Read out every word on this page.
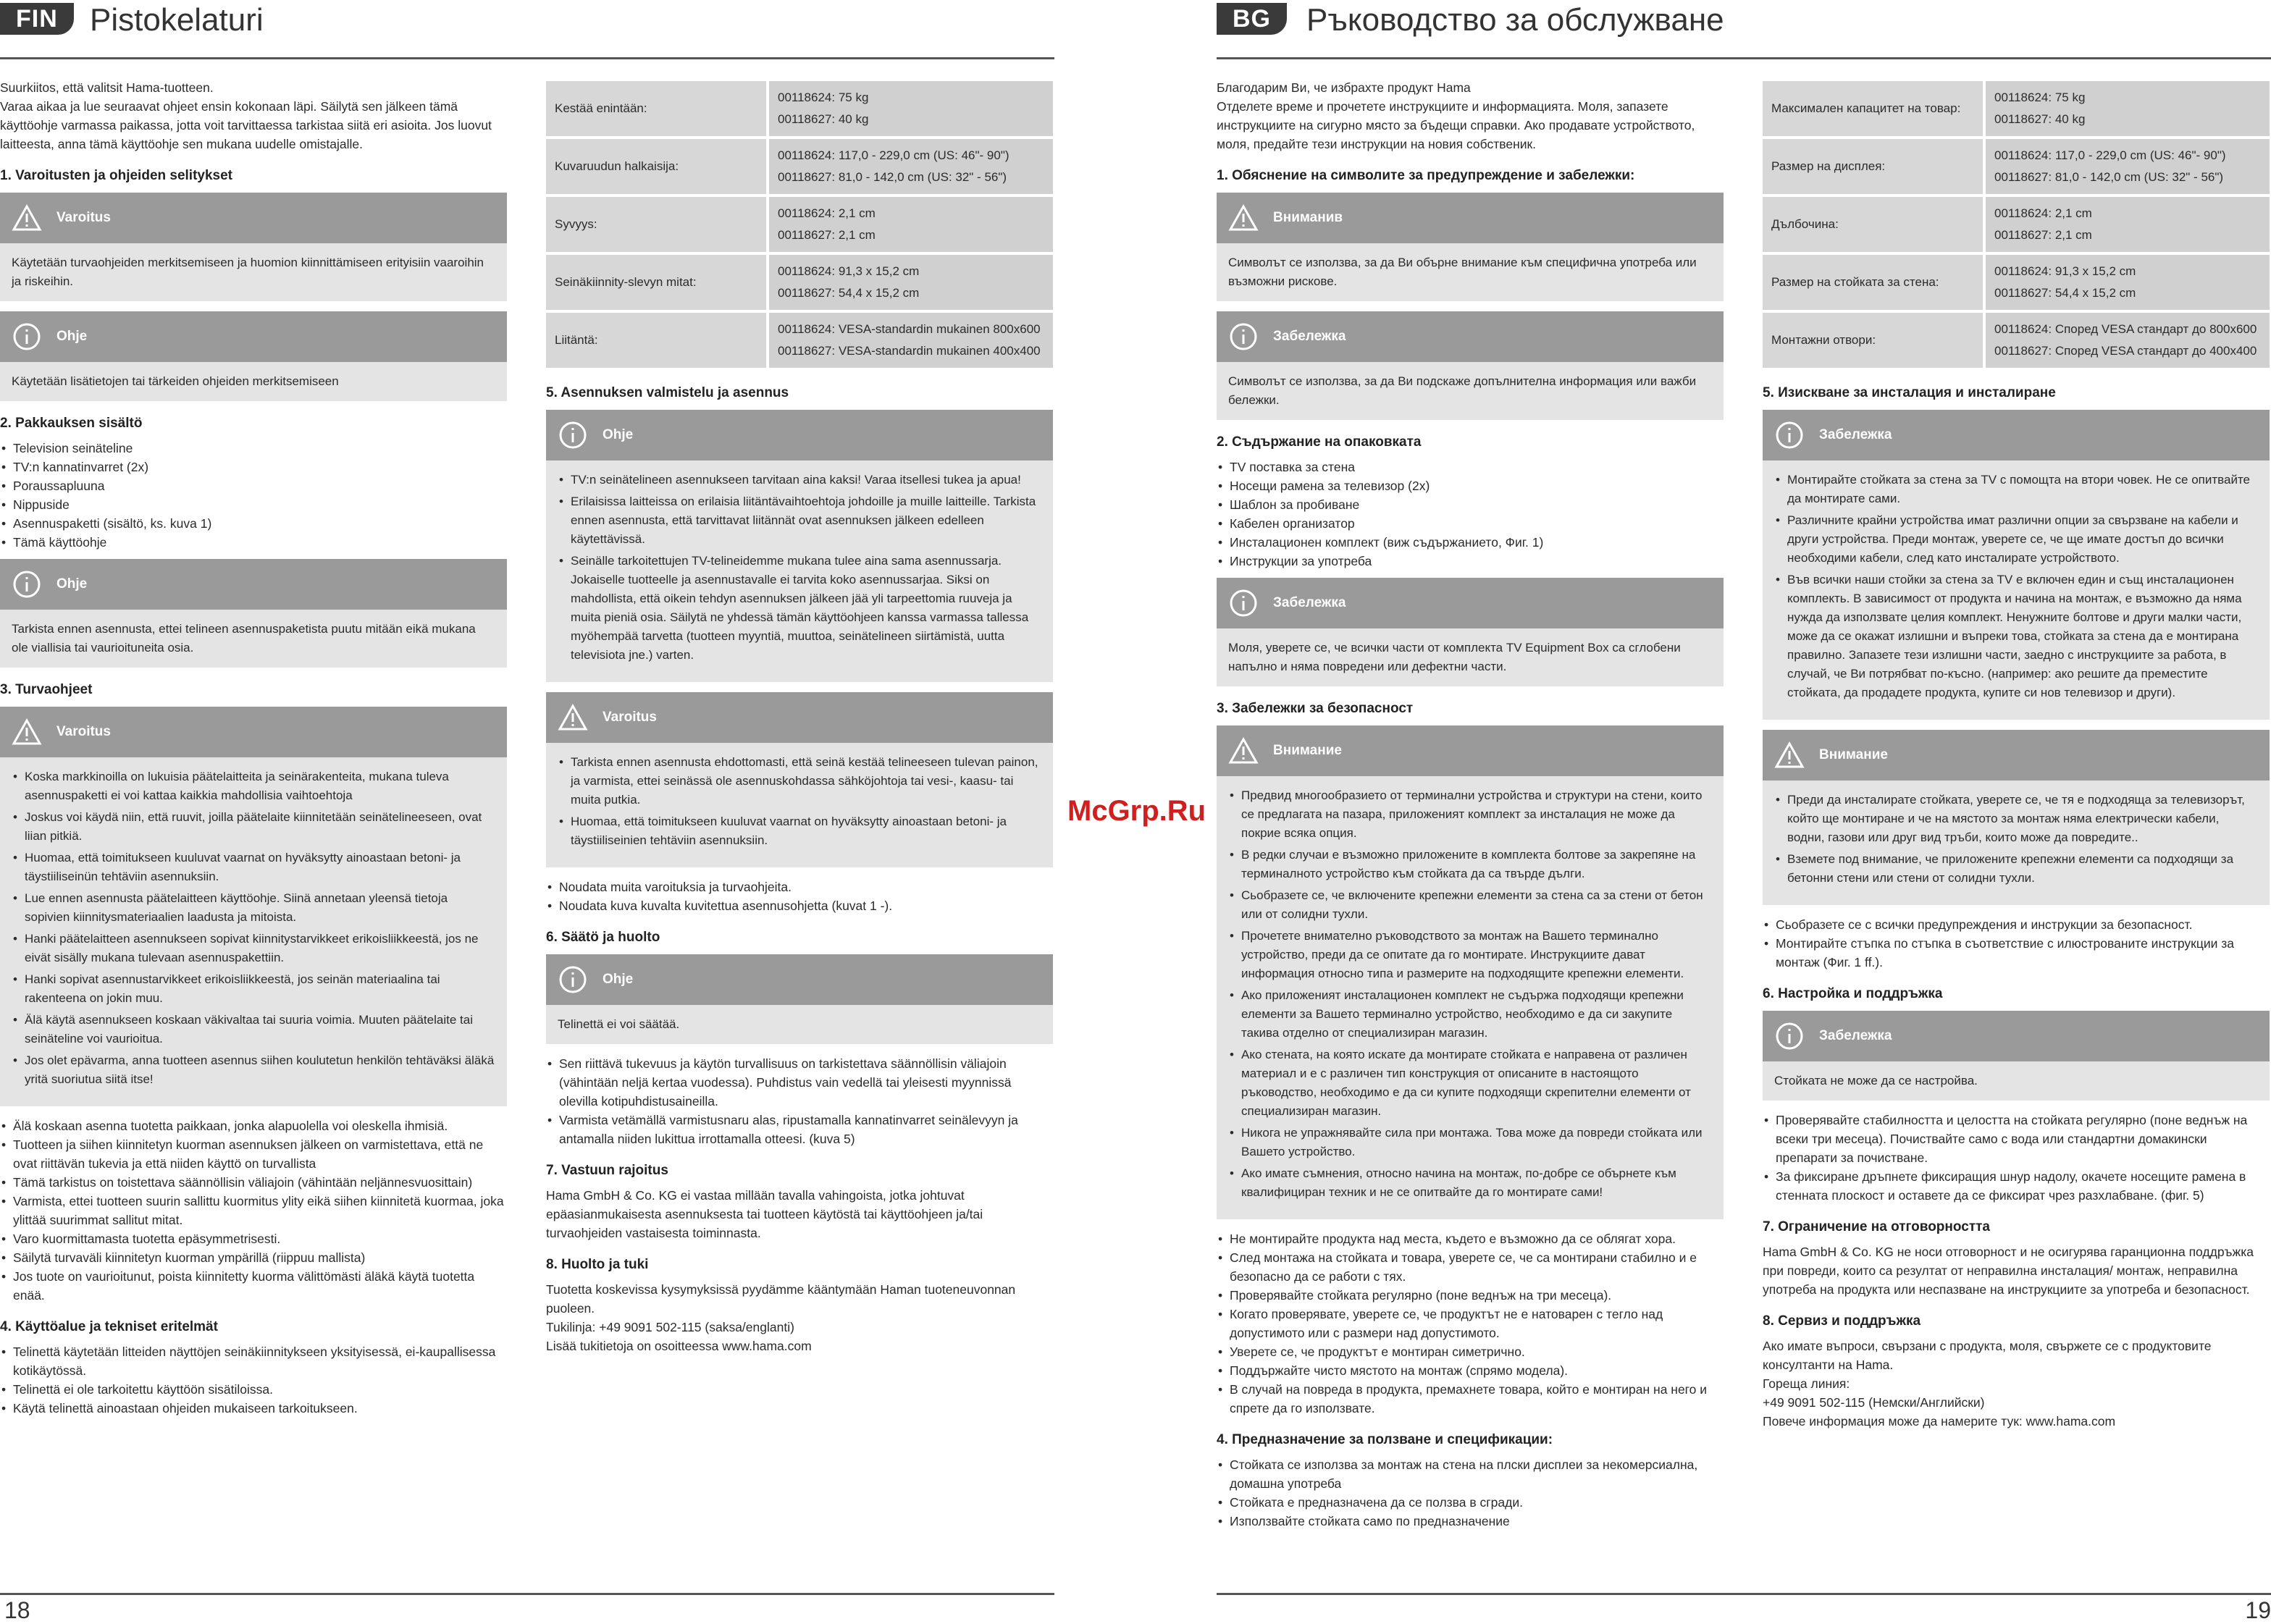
FIN	Pistokelaturi

Suurkiitos, että valitsit Hama-tuotteen.

Varaa aikaa ja lue seuraavat ohjeet ensin kokonaan läpi. Säilytä sen jälkeen tämä käyttöohje varmassa paikassa, jotta voit tarvittaessa tarkistaa siitä eri asioita. Jos luovut laitteesta, anna tämä käyttöohje sen mukana uudelle omistajalle.

1. Varoitusten ja ohjeiden selitykset
Varoitus
Käytetään turvaohjeiden merkitsemiseen ja huomion kiinnittämiseen erityisiin vaaroihin ja riskeihin.
Ohje
Käytetään lisätietojen tai tärkeiden ohjeiden merkitsemiseen
2. Pakkauksen sisältö
• Television seinäteline
• TV:n kannatinvarret (2x)
• Poraussapluuna
• Nippuside
• Asennuspaketti (sisältö, ks. kuva 1)
• Tämä käyttöohje
Ohje
Tarkista ennen asennusta, ettei telineen asennuspaketista puutu mitään eikä mukana ole viallisia tai vaurioituneita osia.
3. Turvaohjeet
Varoitus
• Koska markkinoilla on lukuisia päätelaitteita ja seinärakenteita, mukana tuleva asennuspaketti ei voi kattaa kaikkia mahdollisia vaihtoehtoja
• Joskus voi käydä niin, että ruuvit, joilla päätelaite kiinnitetään seinätelineeseen, ovat liian pitkiä.
• Huomaa, että toimitukseen kuuluvat vaarnat on hyväksytty ainoastaan betoni- ja täystiiliseinün tehtäviin asennuksiin.
• Lue ennen asennusta päätelaitteen käyttöohje. Siinä annetaan yleensä tietoja sopivien kiinnitysmateriaalien laadusta ja mitoista.
• Hanki päätelaitteen asennukseen sopivat kiinnitystarvikkeet erikoisliikkeestä, jos ne eivät sisälly mukana tulevaan asennuspakettiin.
• Hanki sopivat asennustarvikkeet erikoisliikkeestä, jos seinän materiaalina tai rakenteena on jokin muu.
• Älä käytä asennukseen koskaan väkivaltaa tai suuria voimia. Muuten päätelaite tai seinäteline voi vaurioitua.
• Jos olet epävarma, anna tuotteen asennus siihen koulutetun henkilön tehtäväksi äläkä yritä suoriutua siitä itse!
• Älä koskaan asenna tuotetta paikkaan, jonka alapuolella voi oleskella ihmisiä.
• Tuotteen ja siihen kiinnitetyn kuorman asennuksen jälkeen on varmistettava, että ne ovat riittävän tukevia ja että niiden käyttö on turvallista
• Tämä tarkistus on toistettava säännöllisin väliajoin (vähintään neljännesvuosittain)
• Varmista, ettei tuotteen suurin sallittu kuormitus ylity eikä siihen kiinnitetä kuormaa, joka ylittää suurimmat sallitut mitat.
• Varo kuormittamasta tuotetta epäsymmetrisesti.
• Säilytä turvaväli kiinnitetyn kuorman ympärillä (riippuu mallista)
• Jos tuote on vaurioitunut, poista kiinnitetty kuorma välittömästi äläkä käytä tuotetta enää.
4. Käyttöalue ja tekniset eritelmät
• Telinettä käytetään litteiden näyttöjen seinäkiinnitykseen yksityisessä, ei-kaupallisessa kotikäytössä.
• Telinettä ei ole tarkoitettu käyttöön sisätiloissa.
• Käytä telinettä ainoastaan ohjeiden mukaiseen tarkoitukseen.
Kestää enintään:	00118624: 75 kg
00118627: 40 kg

Kuvaruudun halkaisija:	00118624: 117,0 - 229,0 cm (US: 46"- 90")
00118627: 81,0 - 142,0 cm (US: 32" - 56")

Syvyys:	00118624: 2,1 cm
00118627: 2,1 cm

Seinäkiinnity-slevyn mitat:	00118624: 91,3 x 15,2 cm
00118627: 54,4 x 15,2 cm

Liitäntä:	00118624: VESA-standardin mukainen 800x600
00118627: VESA-standardin mukainen 400x400
5. Asennuksen valmistelu ja asennus
Ohje
• TV:n seinätelineen asennukseen tarvitaan aina kaksi! Varaa itsellesi tukea ja apua!
• Erilaisissa laitteissa on erilaisia liitäntävaihtoehtoja johdoille ja muille laitteille. Tarkista ennen asennusta, että tarvittavat liitännät ovat asennuksen jälkeen edelleen käytettävissä.
• Seinälle tarkoitettujen TV-telineidemme mukana tulee aina sama asennussarja. Jokaiselle tuotteelle ja asennustavalle ei tarvita koko asennussarjaa. Siksi on mahdollista, että oikein tehdyn asennuksen jälkeen jää yli tarpeettomia ruuveja ja muita pieniä osia. Säilytä ne yhdessä tämän käyttöohjeen kanssa varmassa tallessa myöhempää tarvetta (tuotteen myyntiä, muuttoa, seinätelineen siirtämistä, uutta televisiota jne.) varten.
Varoitus
• Tarkista ennen asennusta ehdottomasti, että seinä kestää telineeseen tulevan painon, ja varmista, ettei seinässä ole asennuskohdassa sähköjohtoja tai vesi-, kaasu- tai muita putkia.
• Huomaa, että toimitukseen kuuluvat vaarnat on hyväksytty ainoastaan betoni- ja täystiiliseinien tehtäviin asennuksiin.
• Noudata muita varoituksia ja turvaohjeita.
• Noudata kuva kuvalta kuvitettua asennusohjetta (kuvat 1 -).
6. Säätö ja huolto
Ohje
Telinettä ei voi säätää.
• Sen riittävä tukevuus ja käytön turvallisuus on tarkistettava säännöllisin väliajoin (vähintään neljä kertaa vuodessa). Puhdistus vain vedellä tai yleisesti myynnissä olevilla kotipuhdistusaineilla.
• Varmista vetämällä varmistusnaru alas, ripustamalla kannatinvarret seinälevyyn ja antamalla niiden lukittua irrottamalla otteesi. (kuva 5)
7. Vastuun rajoitus

Hama GmbH & Co. KG ei vastaa millään tavalla vahingoista, jotka johtuvat epäasianmukaisesta asennuksesta tai tuotteen käytöstä tai käyttöohjeen ja/tai turvaohjeiden vastaisesta toiminnasta.

8. Huolto ja tuki
Tuotetta koskevissa kysymyksissä pyydämme kääntymään Haman tuoteneuvonnan puoleen.
Tukilinja: +49 9091 502-115 (saksa/englanti)
Lisää tukitietoja on osoitteessa www.hama.com
18
McGrp.Ru
BG	Ръководство за обслужване

Благодарим Ви, че избрахте продукт Hama

Отделете време и прочетете инструкциите и информацията. Моля, запазете инструкциите на сигурно място за бъдещи справки. Ако продавате устройството, моля, предайте тези инструкции на новия собственик.

1. Обяснение на символите за предупреждение и забележки:
Вниманив
Символът се използва, за да Ви обърне внимание към специфична употреба или възможни рискове.
Забележка
Символът се използва, за да Ви подскаже допълнителна информация или важби бележки.
2. Съдържание на опаковката
• TV поставка за стена
• Носещи рамена за телевизор (2x)
• Шаблон за пробиване
• Кабелен организатор
• Инсталационен комплект (виж съдържанието, Фиг. 1)
• Инструкции за употреба
Забележка
Моля, уверете се, че всички части от комплекта TV Equipment Box са сглобени напълно и няма повредени или дефектни части.
3. Забележки за безопасност
Внимание
• Предвид многообразието от терминални устройства и структури на стени, които се предлагата на пазара, приложеният комплект за инсталация не може да покрие всяка опция.
• В редки случаи е възможно приложените в комплекта болтове за закрепяне на терминалното устройство към стойката да са твърде дълги.
• Сьобразете се, че включените крепежни елементи за стена са за стени от бетон или от солидни тухли.
• Прочетете внимателно ръководството за монтаж на Вашето терминално устройство, преди да се опитате да го монтирате. Инструкциите дават информация относно типа и размерите на подходящите крепежни елементи.
• Ако приложеният инсталационен комплект не съдържа подходящи крепежни елементи за Вашето терминално устройство, необходимо е да си закупите такива отделно от специализиран магазин.
• Ако стената, на която искате да монтирате стойката е направена от различен материал и е с различен тип конструкция от описаните в настоящото ръководство, необходимо е да си купите подходящи скрепителни елементи от специализиран магазин.
• Никога не упражнявайте сила при монтажа. Това може да повреди стойката или Вашето устройство.
• Ако имате съмнения, относно начина на монтаж, по-добре се обърнете към квалифициран техник и не се опитвайте да го монтирате сами!
• Не монтирайте продукта над места, където е възможно да се облягат хора.
• След монтажа на стойката и товара, уверете се, че са монтирани стабилно и е безопасно да се работи с тях.
• Проверявайте стойката регулярно (поне веднъж на три месеца).
• Когато проверявате, уверете се, че продуктът не е натоварен с тегло над допустимото или с размери над допустимото.
• Уверете се, че продуктът е монтиран симетрично.
• Поддържайте чисто мястото на монтаж (спрямо модела).
• В случай на повреда в продукта, премахнете товара, който е монтиран на него и спрете да го използвате.
4. Предназначение за ползване и спецификации:
• Стойката се използва за монтаж на стена на плски дисплеи за некомерсиална, домашна употреба
• Стойката е предназначена да се ползва в сгради.
• Използвайте стойката само по предназначение
Максимален капацитет на товар:	00118624: 75 kg
00118627: 40 kg

Размер на дисплея:	00118624: 117,0 - 229,0 cm (US: 46"- 90")
00118627: 81,0 - 142,0 cm (US: 32" - 56")

Дълбочина:	00118624: 2,1 cm
00118627: 2,1 cm

Размер на стойката за стена:	00118624: 91,3 x 15,2 cm
00118627: 54,4 x 15,2 cm

Монтажни отвори:	00118624: Според VESA стандарт до 800x600
00118627: Според VESA стандарт до 400x400
5. Изискване за инсталация и инсталиране
Забележка
• Монтирайте стойката за стена за TV с помощта на втори човек. Не се опитвайте да монтирате сами.
• Различните крайни устройства имат различни опции за свързване на кабели и други устройства. Преди монтаж, уверете се, че ще имате достъп до всички необходими кабели, след като инсталирате устройството.
• Във всички наши стойки за стена за TV е включен един и същ инсталационен комплекть. В зависимост от продукта и начина на монтаж, е възможно да няма нужда да използвате целия комплект. Ненужните болтове и други малки части, може да се окажат излишни и въпреки това, стойката за стена да е монтирана правилно. Запазете тези излишни части, заедно с инструкциите за работа, в случай, че Ви потрябват по-късно. (например: ако решите да преместите стойката, да продадете продукта, купите си нов телевизор и други).
Внимание
• Преди да инсталирате стойката, уверете се, че тя е подходяща за телевизорът, който ще монтиране и че на мястото за монтаж няма електрически кабели, водни, газови или друг вид тръби, които може да повредите..
• Вземете под внимание, че приложените крепежни елементи са подходящи за бетонни стени или стени от солидни тухли.
• Сьобразете се с всички предупреждения и инструкции за безопасност.
• Монтирайте стъпка по стъпка в съответствие с илюстрованите инструкции за монтаж (Фиг. 1 ff.).
6. Настройка и поддръжка
Забележка
Стойката не може да се настройва.
• Проверявайте стабилността и целостта на стойката регулярно (поне веднъж на всеки три месеца). Почиствайте само с вода или стандартни домакински препарати за почистване.
• За фиксиране дръпнете фиксиращия шнур надолу, окачете носещите рамена в стенната плоскост и оставете да се фиксират чрез разхлабване. (фиг. 5)
7. Ограничение на отговорността

Hama GmbH & Co. KG не носи отговорност и не осигурява гаранционна поддръжка при повреди, които са резултат от неправилна инсталация/ монтаж, неправилна употреба на продукта или неспазване на инструкциите за употреба и безопасност.

8. Сервиз и поддръжка
Ако имате въпроси, свързани с продукта, моля, свържете се с продуктовите консултанти на Hama.
Гореща линия:
+49 9091 502-115 (Немски/Английски)
Повече информация може да намерите тук: www.hama.com
19
